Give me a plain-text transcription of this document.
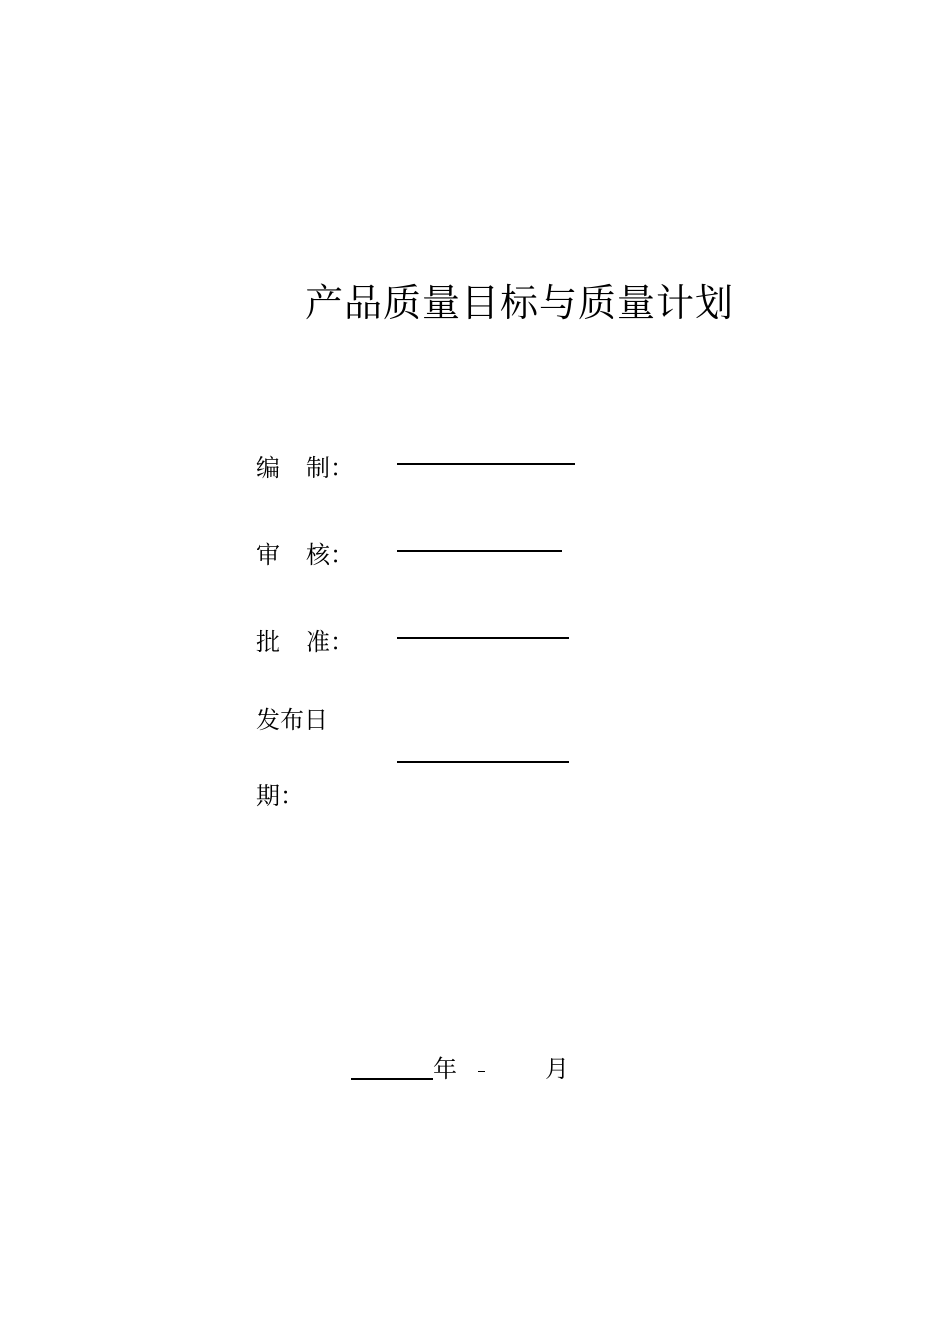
产品质量目标与质量计划
编 制：
审 核：
批 准：
发布日
期：
年	月
